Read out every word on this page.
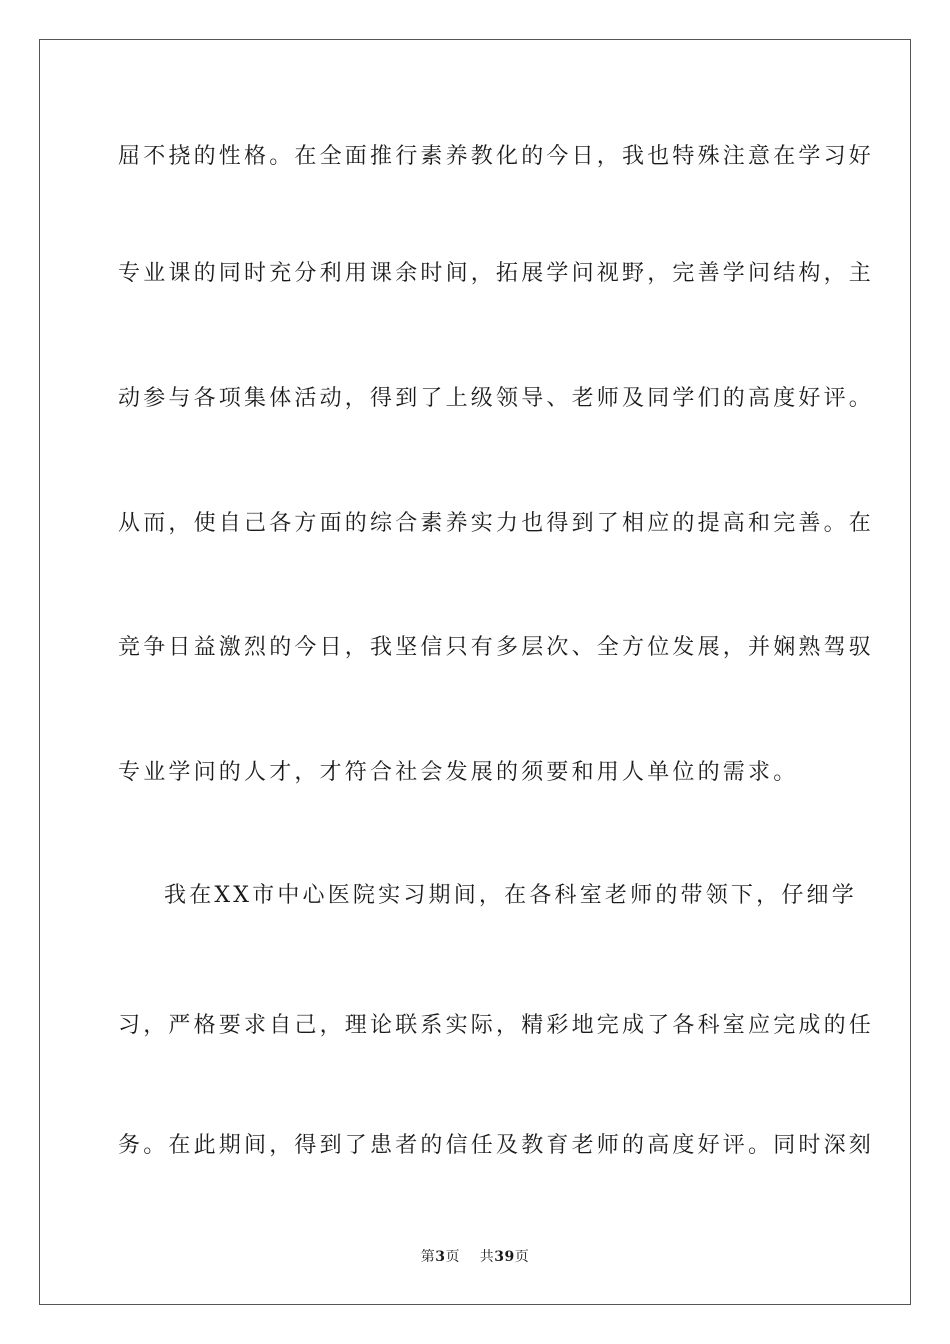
屈不挠的性格。在全面推行素养教化的今日，我也特殊注意在学习好
专业课的同时充分利用课余时间，拓展学问视野，完善学问结构，主
动参与各项集体活动，得到了上级领导、老师及同学们的高度好评。
从而，使自己各方面的综合素养实力也得到了相应的提高和完善。在
竞争日益激烈的今日，我坚信只有多层次、全方位发展，并娴熟驾驭
专业学问的人才，才符合社会发展的须要和用人单位的需求。
我在XX市中心医院实习期间，在各科室老师的带领下，仔细学
习，严格要求自己，理论联系实际，精彩地完成了各科室应完成的任
务。在此期间，得到了患者的信任及教育老师的高度好评。同时深刻
第3页 共39页
